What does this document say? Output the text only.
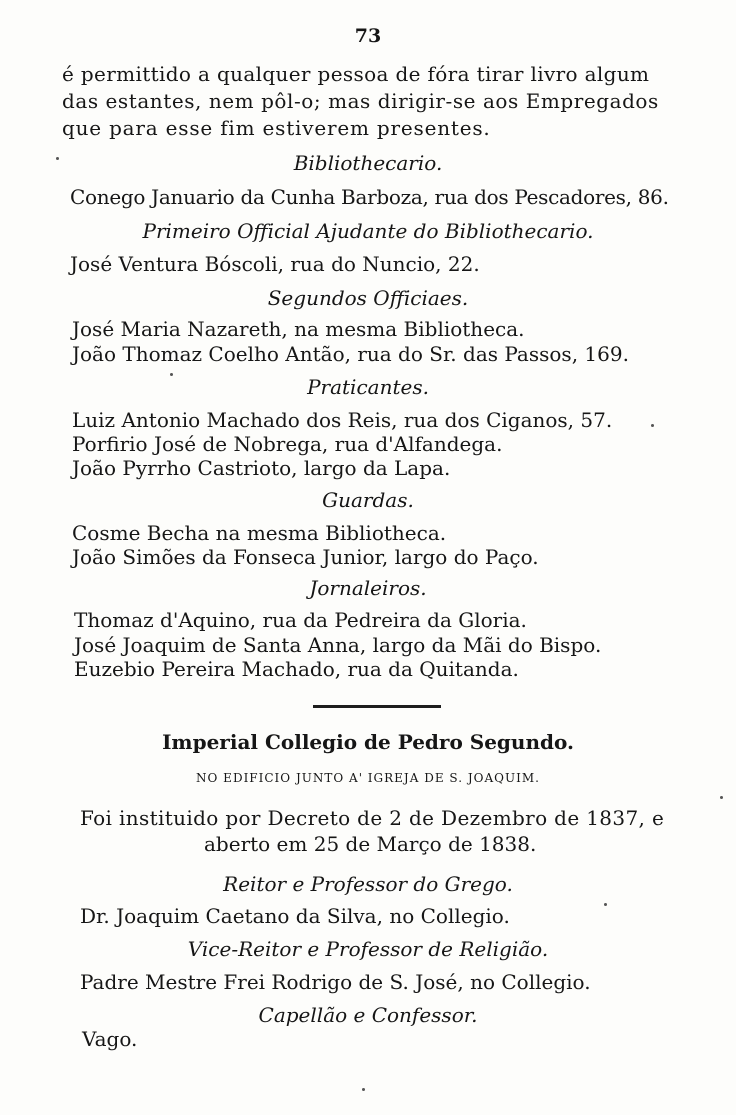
73
é permittido a qualquer pessoa de fóra tirar livro algum
das estantes, nem pôl-o; mas dirigir-se aos Empregados
que para esse fim estiverem presentes.
Bibliothecario.
Conego Januario da Cunha Barboza, rua dos Pescadores, 86.
Primeiro Official Ajudante do Bibliothecario.
José Ventura Bóscoli, rua do Nuncio, 22.
Segundos Officiaes.
José Maria Nazareth, na mesma Bibliotheca.
João Thomaz Coelho Antão, rua do Sr. das Passos, 169.
Praticantes.
Luiz Antonio Machado dos Reis, rua dos Ciganos, 57.
Porfirio José de Nobrega, rua d'Alfandega.
João Pyrrho Castrioto, largo da Lapa.
Guardas.
Cosme Becha na mesma Bibliotheca.
João Simões da Fonseca Junior, largo do Paço.
Jornaleiros.
Thomaz d'Aquino, rua da Pedreira da Gloria.
José Joaquim de Santa Anna, largo da Mãi do Bispo.
Euzebio Pereira Machado, rua da Quitanda.
Imperial Collegio de Pedro Segundo.
NO EDIFICIO JUNTO A' IGREJA DE S. JOAQUIM.
Foi instituido por Decreto de 2 de Dezembro de 1837, e
aberto em 25 de Março de 1838.
Reitor e Professor do Grego.
Dr. Joaquim Caetano da Silva, no Collegio.
Vice-Reitor e Professor de Religião.
Padre Mestre Frei Rodrigo de S. José, no Collegio.
Capellão e Confessor.
Vago.
